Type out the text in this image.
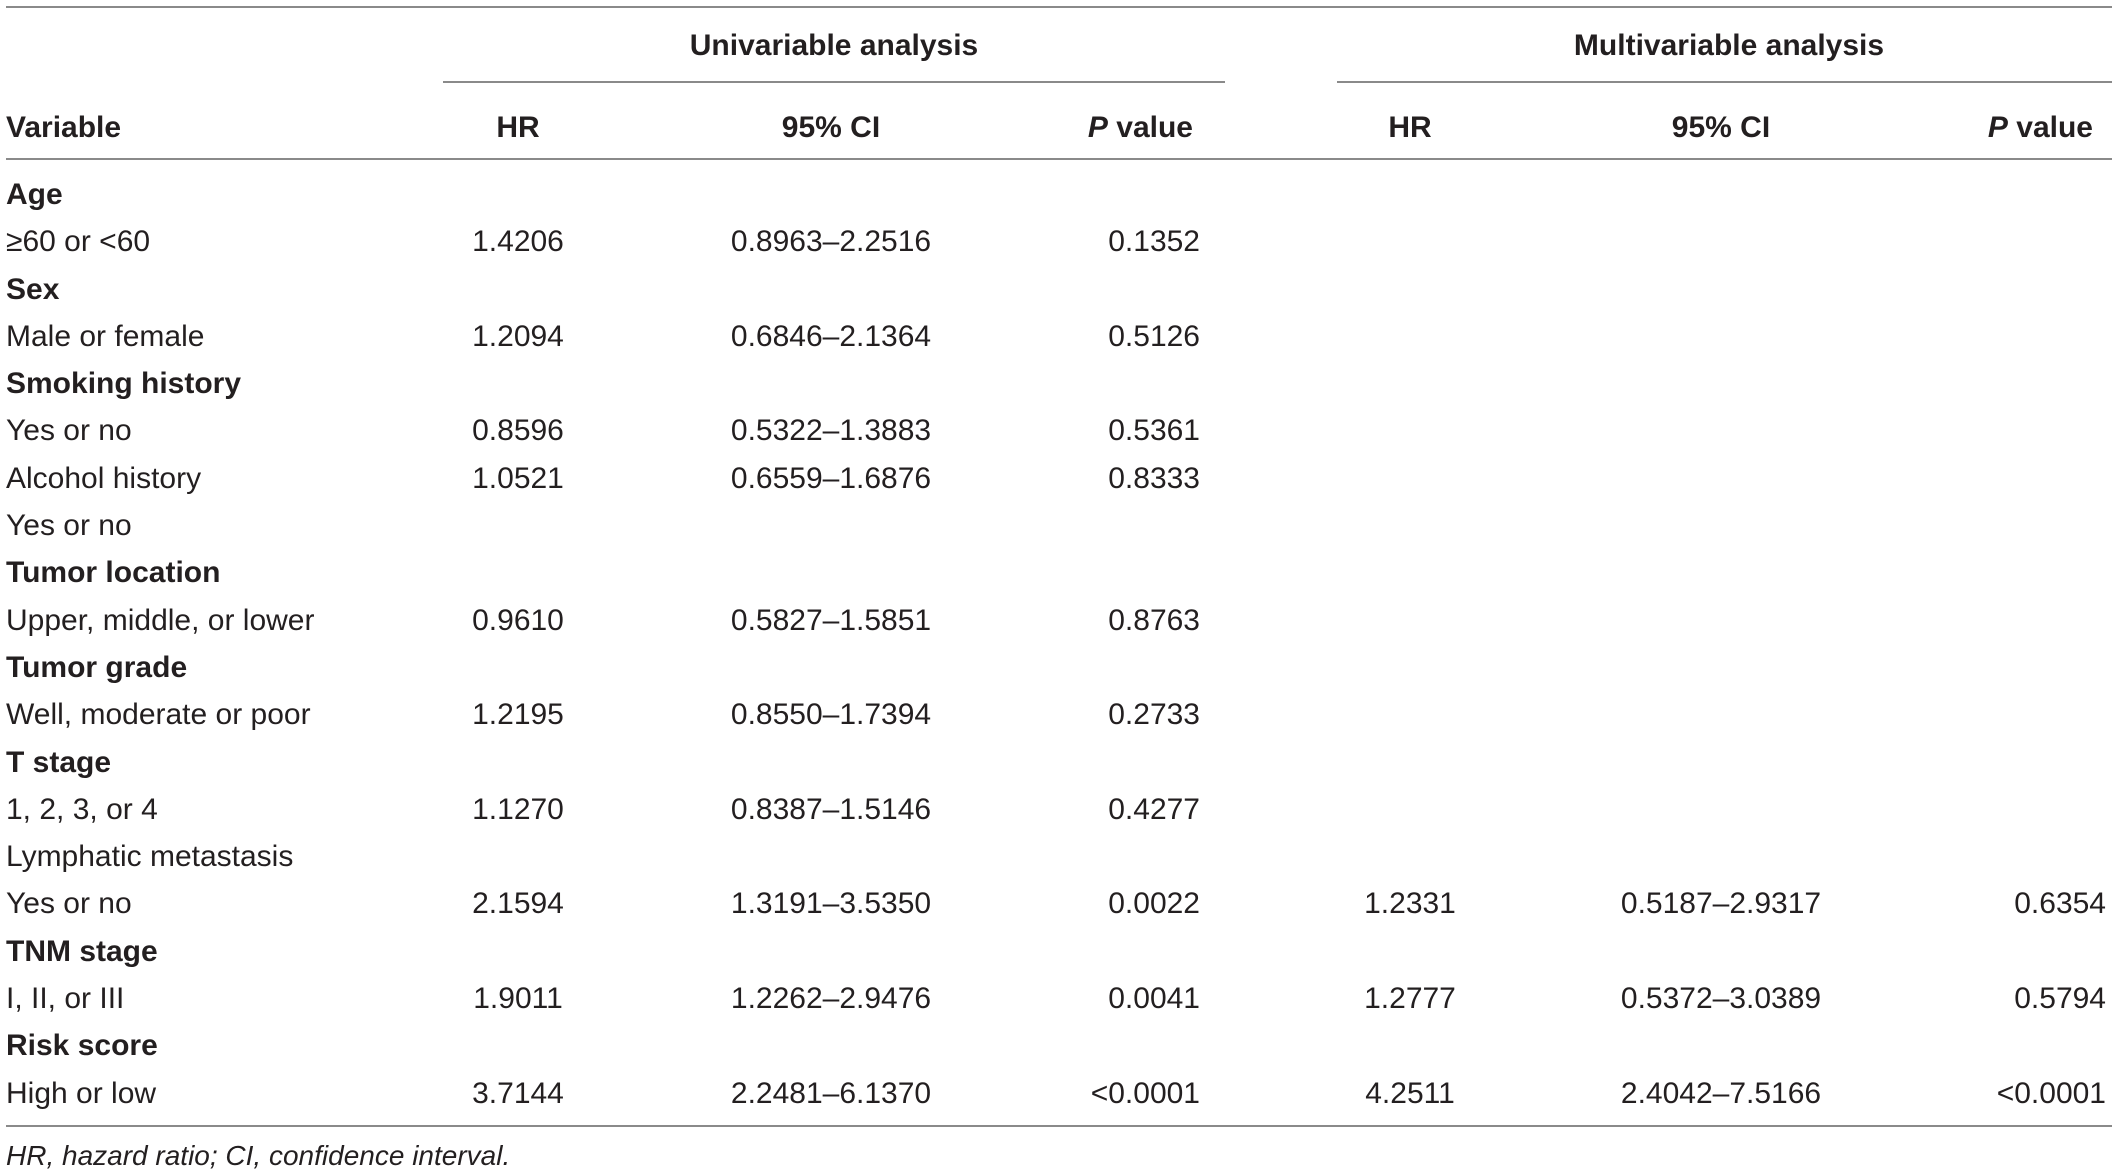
Univariable analysis	Multivariable analysis
Variable	HR	95% CI	P value	HR	95% CI	P value
Age
≥60 or <60	1.4206	0.8963–2.2516	0.1352
Sex
Male or female	1.2094	0.6846–2.1364	0.5126
Smoking history
Yes or no	0.8596	0.5322–1.3883	0.5361
Alcohol history	1.0521	0.6559–1.6876	0.8333
Yes or no
Tumor location
Upper, middle, or lower	0.9610	0.5827–1.5851	0.8763
Tumor grade
Well, moderate or poor	1.2195	0.8550–1.7394	0.2733
T stage
1, 2, 3, or 4	1.1270	0.8387–1.5146	0.4277
Lymphatic metastasis
Yes or no	2.1594	1.3191–3.5350	0.0022	1.2331	0.5187–2.9317	0.6354
TNM stage
I, II, or III	1.9011	1.2262–2.9476	0.0041	1.2777	0.5372–3.0389	0.5794
Risk score
High or low	3.7144	2.2481–6.1370	<0.0001	4.2511	2.4042–7.5166	<0.0001
HR, hazard ratio; CI, confidence interval.
